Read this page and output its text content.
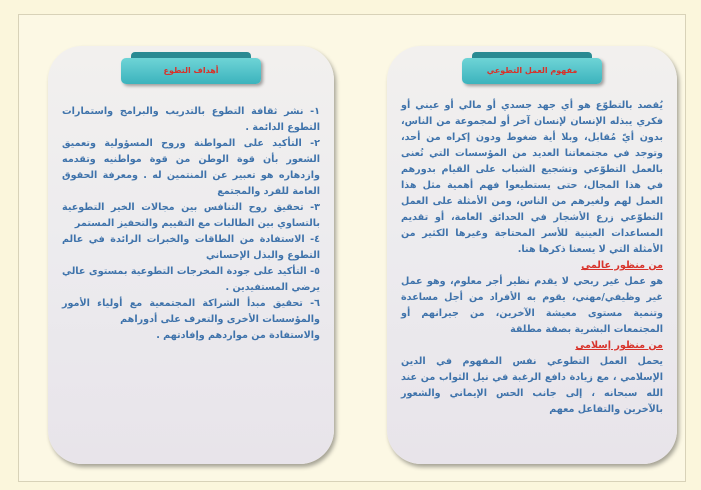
مفهوم العمل التطوعي

يُقصد بالتطوّع هو أي جهد جسدي أو مالي أو عيني أو فكري يبذله الإنسان لإنسان آخر أو لمجموعة من الناس، بدون أيّ مُقابل، وبلا أية ضغوط ودون إكراه من أحد، وتوجد في مجتمعاتنا العديد من المؤسسات التي تُعنى بالعمل التطوّعي وتشجيع الشباب على القيام بدورهم في هذا المجال، حتى يستطيعوا فهم أهمية مثل هذا العمل لهم ولغيرهم من الناس، ومن الأمثلة على العمل التطوّعي زرع الأشجار في الحدائق العامة، أو تقديم المساعدات العينية للأسر المحتاجة وغيرها الكثير من الأمثلة التي لا يسعنا ذكرها هنا.

من منظور عالمي

هو عمل غير ربحي لا يقدم نظير أجر معلوم، وهو عمل غير وظيفي/مهني، يقوم به الأفراد من أجل مساعدة وتنمية مستوى معيشة الآخرين، من جيرانهم أو المجتمعات البشرية بصفة مطلقة

من منظور إسلامي

يحمل العمل التطوعي نفس المفهوم في الدين الإسلامي ، مع زيادة دافع الرغبة في نيل الثواب من عند الله سبحانه ، إلى جانب الحس الإيماني والشعور بالآخرين والتفاعل معهم

أهداف التطوع

١- نشر ثقافة التطوع بالتدريب والبرامج واستمارات التطوع الدائمة .

٢- التأكيد على المواطنة وروح المسؤولية وتعميق الشعور بأن قوة الوطن من قوة مواطنيه وتقدمه وازدهاره هو تعبير عن المنتمين له . ومعرفة الحقوق العامة للفرد والمجتمع

٣- تحقيق روح التنافس بين مجالات الخير التطوعية بالتساوي بين الطالبات مع التقييم والتحفيز المستمر

٤- الاستفادة من الطاقات والخبرات الرائدة في عالم التطوع والبذل الإحساني

٥- التأكيد على جودة المخرجات التطوعية بمستوى عالي يرضي المستفيدين .

٦- تحقيق مبدأ الشراكة المجتمعية مع أولياء الأمور والمؤسسات الأخرى والتعرف على أدوراهم

والاستفادة من مواردهم وإفادتهم .
